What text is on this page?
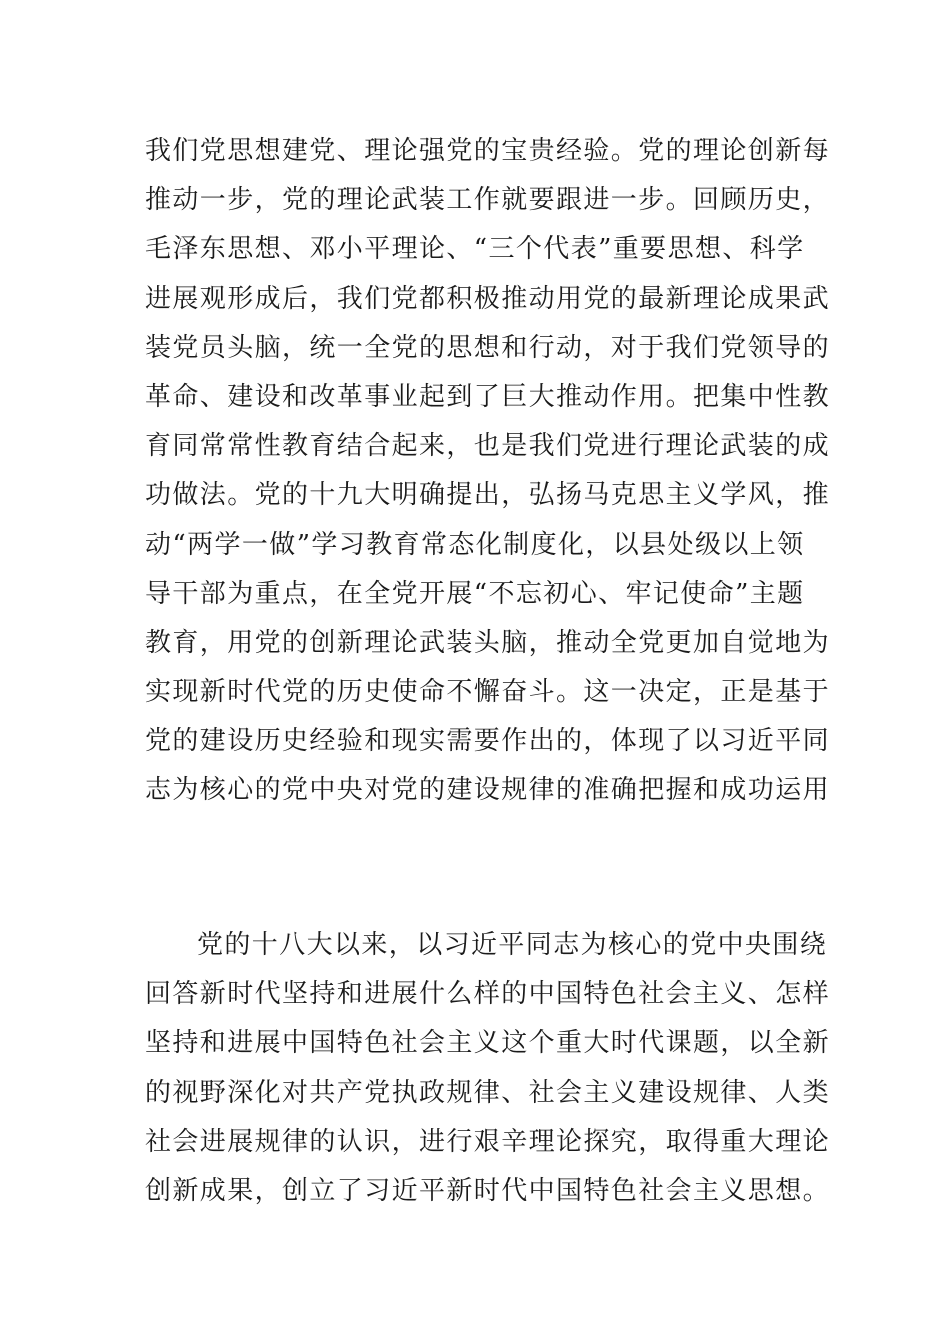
我们党思想建党、理论强党的宝贵经验。党的理论创新每
推动一步，党的理论武装工作就要跟进一步。回顾历史，
毛泽东思想、邓小平理论、“三个代表”重要思想、科学
进展观形成后，我们党都积极推动用党的最新理论成果武
装党员头脑，统一全党的思想和行动，对于我们党领导的
革命、建设和改革事业起到了巨大推动作用。把集中性教
育同常常性教育结合起来，也是我们党进行理论武装的成
功做法。党的十九大明确提出，弘扬马克思主义学风，推
动“两学一做”学习教育常态化制度化，以县处级以上领
导干部为重点，在全党开展“不忘初心、牢记使命”主题
教育，用党的创新理论武装头脑，推动全党更加自觉地为
实现新时代党的历史使命不懈奋斗。这一决定，正是基于
党的建设历史经验和现实需要作出的，体现了以习近平同
志为核心的党中央对党的建设规律的准确把握和成功运用
党的十八大以来，以习近平同志为核心的党中央围绕
回答新时代坚持和进展什么样的中国特色社会主义、怎样
坚持和进展中国特色社会主义这个重大时代课题，以全新
的视野深化对共产党执政规律、社会主义建设规律、人类
社会进展规律的认识，进行艰辛理论探究，取得重大理论
创新成果，创立了习近平新时代中国特色社会主义思想。
